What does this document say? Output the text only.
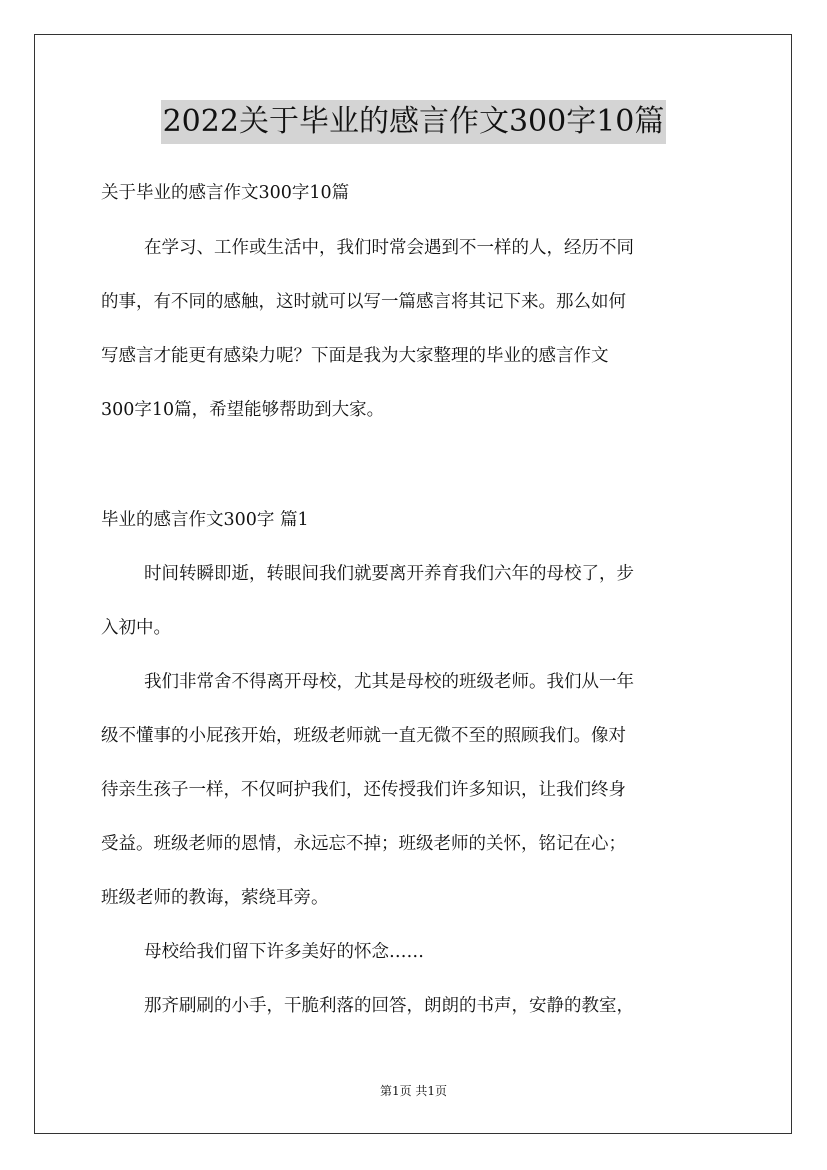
2022关于毕业的感言作文300字10篇
关于毕业的感言作文300字10篇
在学习、工作或生活中，我们时常会遇到不一样的人，经历不同
的事，有不同的感触，这时就可以写一篇感言将其记下来。那么如何
写感言才能更有感染力呢？下面是我为大家整理的毕业的感言作文
300字10篇，希望能够帮助到大家。
毕业的感言作文300字 篇1
时间转瞬即逝，转眼间我们就要离开养育我们六年的母校了，步
入初中。
我们非常舍不得离开母校，尤其是母校的班级老师。我们从一年
级不懂事的小屁孩开始，班级老师就一直无微不至的照顾我们。像对
待亲生孩子一样，不仅呵护我们，还传授我们许多知识，让我们终身
受益。班级老师的恩情，永远忘不掉；班级老师的关怀，铭记在心；
班级老师的教诲，萦绕耳旁。
母校给我们留下许多美好的怀念……
那齐刷刷的小手，干脆利落的回答，朗朗的书声，安静的教室，
第1页 共1页
